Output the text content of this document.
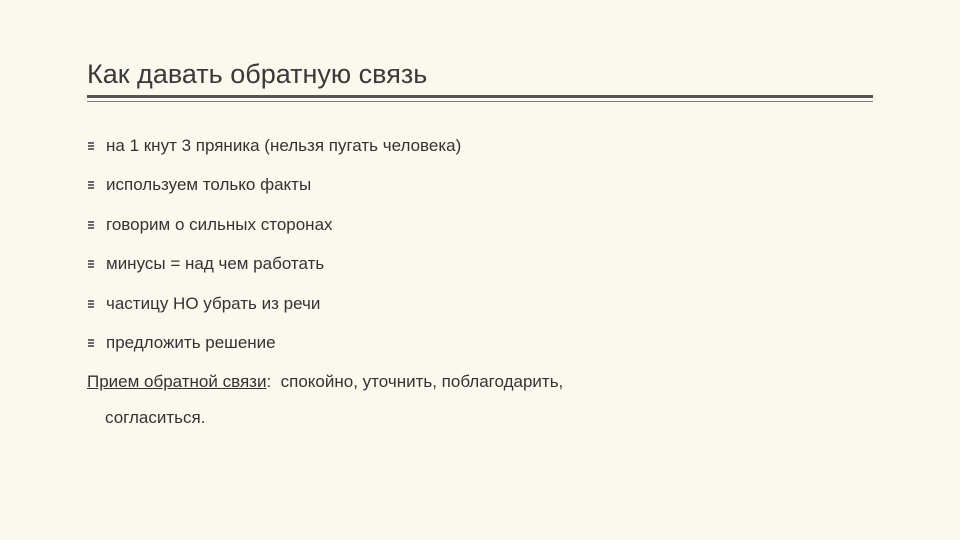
Как давать обратную связь
на 1 кнут 3 пряника (нельзя пугать человека)
используем только факты
говорим о сильных сторонах
минусы = над чем работать
частицу НО убрать из речи
предложить решение
Прием обратной связи:  спокойно, уточнить, поблагодарить,
согласиться.
